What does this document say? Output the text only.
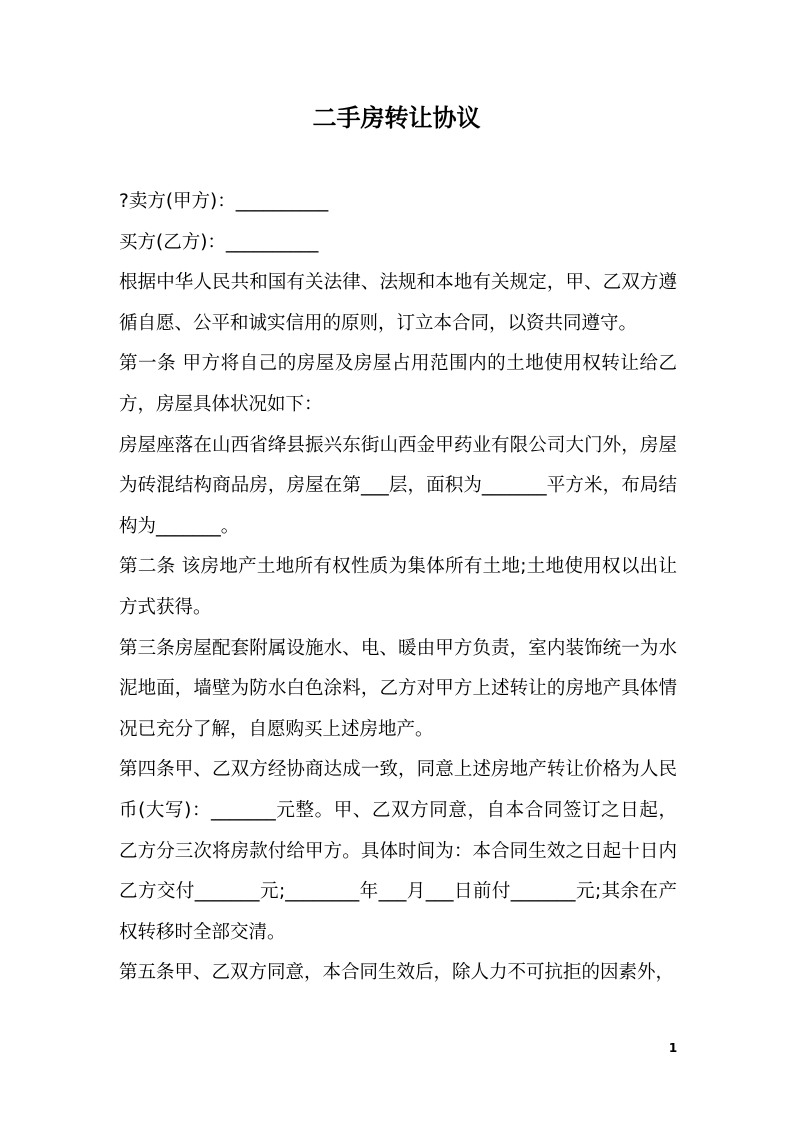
二手房转让协议

?卖方(甲方)：__________

买方(乙方)：__________

根据中华人民共和国有关法律、法规和本地有关规定，甲、乙双方遵循自愿、公平和诚实信用的原则，订立本合同，以资共同遵守。

第一条 甲方将自己的房屋及房屋占用范围内的土地使用权转让给乙方，房屋具体状况如下：

房屋座落在山西省绛县振兴东街山西金甲药业有限公司大门外，房屋为砖混结构商品房，房屋在第___层，面积为_______平方米，布局结构为_______。

第二条 该房地产土地所有权性质为集体所有土地;土地使用权以出让方式获得。

第三条房屋配套附属设施水、电、暖由甲方负责，室内装饰统一为水泥地面，墙壁为防水白色涂料，乙方对甲方上述转让的房地产具体情况已充分了解，自愿购买上述房地产。

第四条甲、乙双方经协商达成一致，同意上述房地产转让价格为人民币(大写)：_______元整。甲、乙双方同意，自本合同签订之日起，乙方分三次将房款付给甲方。具体时间为：本合同生效之日起十日内乙方交付_______元;________年___月___日前付_______元;其余在产权转移时全部交清。

第五条甲、乙双方同意，本合同生效后，除人力不可抗拒的因素外，

1
